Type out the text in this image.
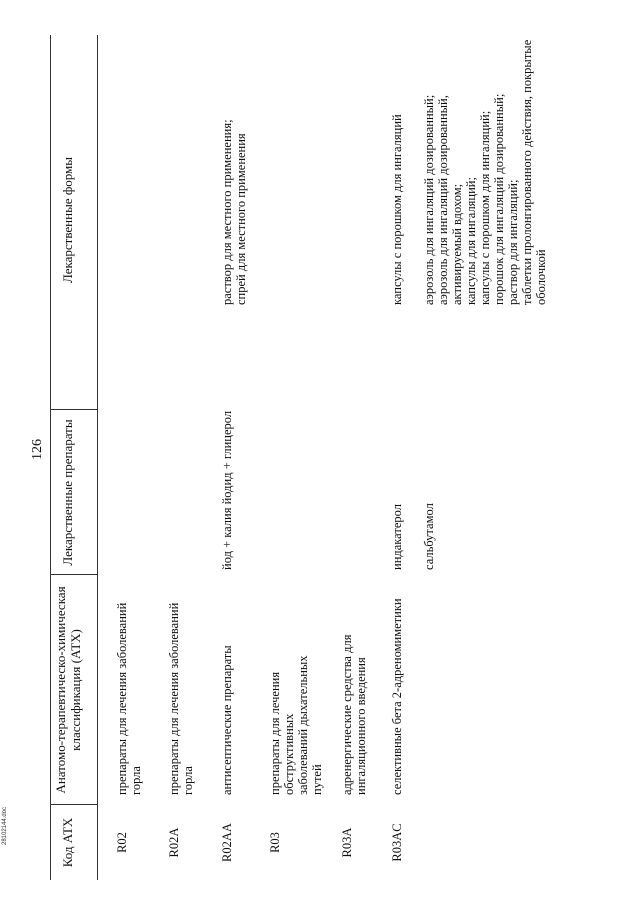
126
Код АТХ
Анатомо-терапевтическо-химическая классификация (АТХ)
Лекарственные препараты
Лекарственные формы
R02
препараты для лечения заболеваний горла
R02A
препараты для лечения заболеваний горла
R02AA
антисептические препараты
йод + калия йодид + глицерол
раствор для местного применения;
спрей для местного применения
R03
препараты для лечения обструктивных заболеваний дыхательных путей
R03A
адренергические средства для ингаляционного введения
R03AC
селективные бета 2-адреномиметики
индакатерол
капсулы с порошком для ингаляций
сальбутамол
аэрозоль для ингаляций дозированный;
аэрозоль для ингаляций дозированный, активируемый вдохом;
капсулы для ингаляций;
капсулы с порошком для ингаляций;
порошок для ингаляций дозированный;
раствор для ингаляций;
таблетки пролонгированного действия, покрытые оболочкой
28102144.doc
